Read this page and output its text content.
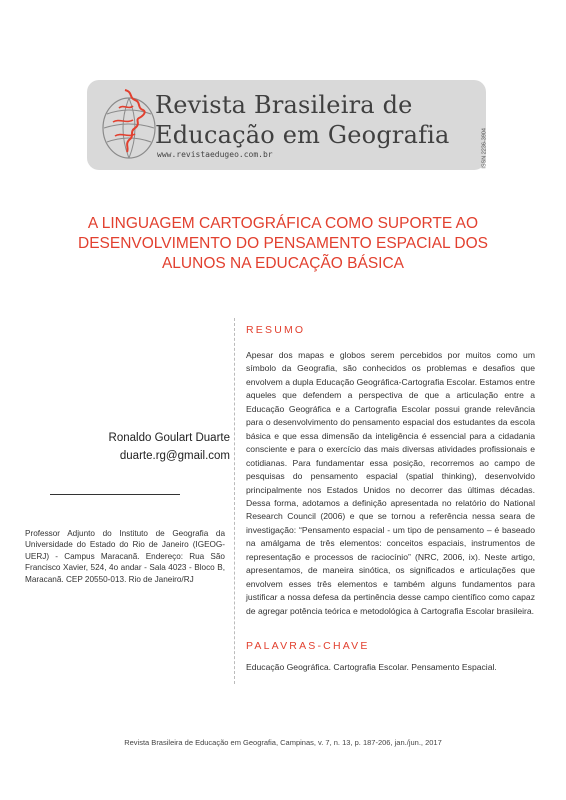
Revista Brasileira de
Educação em Geografia
www.revistaedugeo.com.br	ISSN 2236-3904
A LINGUAGEM CARTOGRÁFICA COMO SUPORTE AO
DESENVOLVIMENTO DO PENSAMENTO ESPACIAL DOS
ALUNOS NA EDUCAÇÃO BÁSICA
Ronaldo Goulart Duarte
duarte.rg@gmail.com
Professor Adjunto do Instituto de Geografia da Universidade do Estado do Rio de Janeiro (IGEOG-UERJ) - Campus Maracanã. Endereço: Rua São Francisco Xavier, 524, 4o andar - Sala 4023 - Bloco B, Maracanã. CEP 20550-013. Rio de Janeiro/RJ
RESUMO
Apesar dos mapas e globos serem percebidos por muitos como um símbolo da Geografia, são conhecidos os problemas e desafios que envolvem a dupla Educação Geográfica-Cartografia Escolar. Estamos entre aqueles que defendem a perspectiva de que a articulação entre a Educação Geográfica e a Cartografia Escolar possui grande relevância para o desenvolvimento do pensamento espacial dos estudantes da escola básica e que essa dimensão da inteligência é essencial para a cidadania consciente e para o exercício das mais diversas atividades profissionais e cotidianas. Para fundamentar essa posição, recorremos ao campo de pesquisas do pensamento espacial (spatial thinking), desenvolvido principalmente nos Estados Unidos no decorrer das últimas décadas. Dessa forma, adotamos a definição apresentada no relatório do National Research Council (2006) e que se tornou a referência nessa seara de investigação: “Pensamento espacial - um tipo de pensamento – é baseado na amálgama de três elementos: conceitos espaciais, instrumentos de representação e processos de raciocínio” (NRC, 2006, ix). Neste artigo, apresentamos, de maneira sinótica, os significados e articulações que envolvem esses três elementos e também alguns fundamentos para justificar a nossa defesa da pertinência desse campo científico como capaz de agregar potência teórica e metodológica à Cartografia Escolar brasileira.
PALAVRAS-CHAVE
Educação Geográfica. Cartografia Escolar. Pensamento Espacial.
Revista Brasileira de Educação em Geografia, Campinas, v. 7, n. 13, p. 187-206, jan./jun., 2017
